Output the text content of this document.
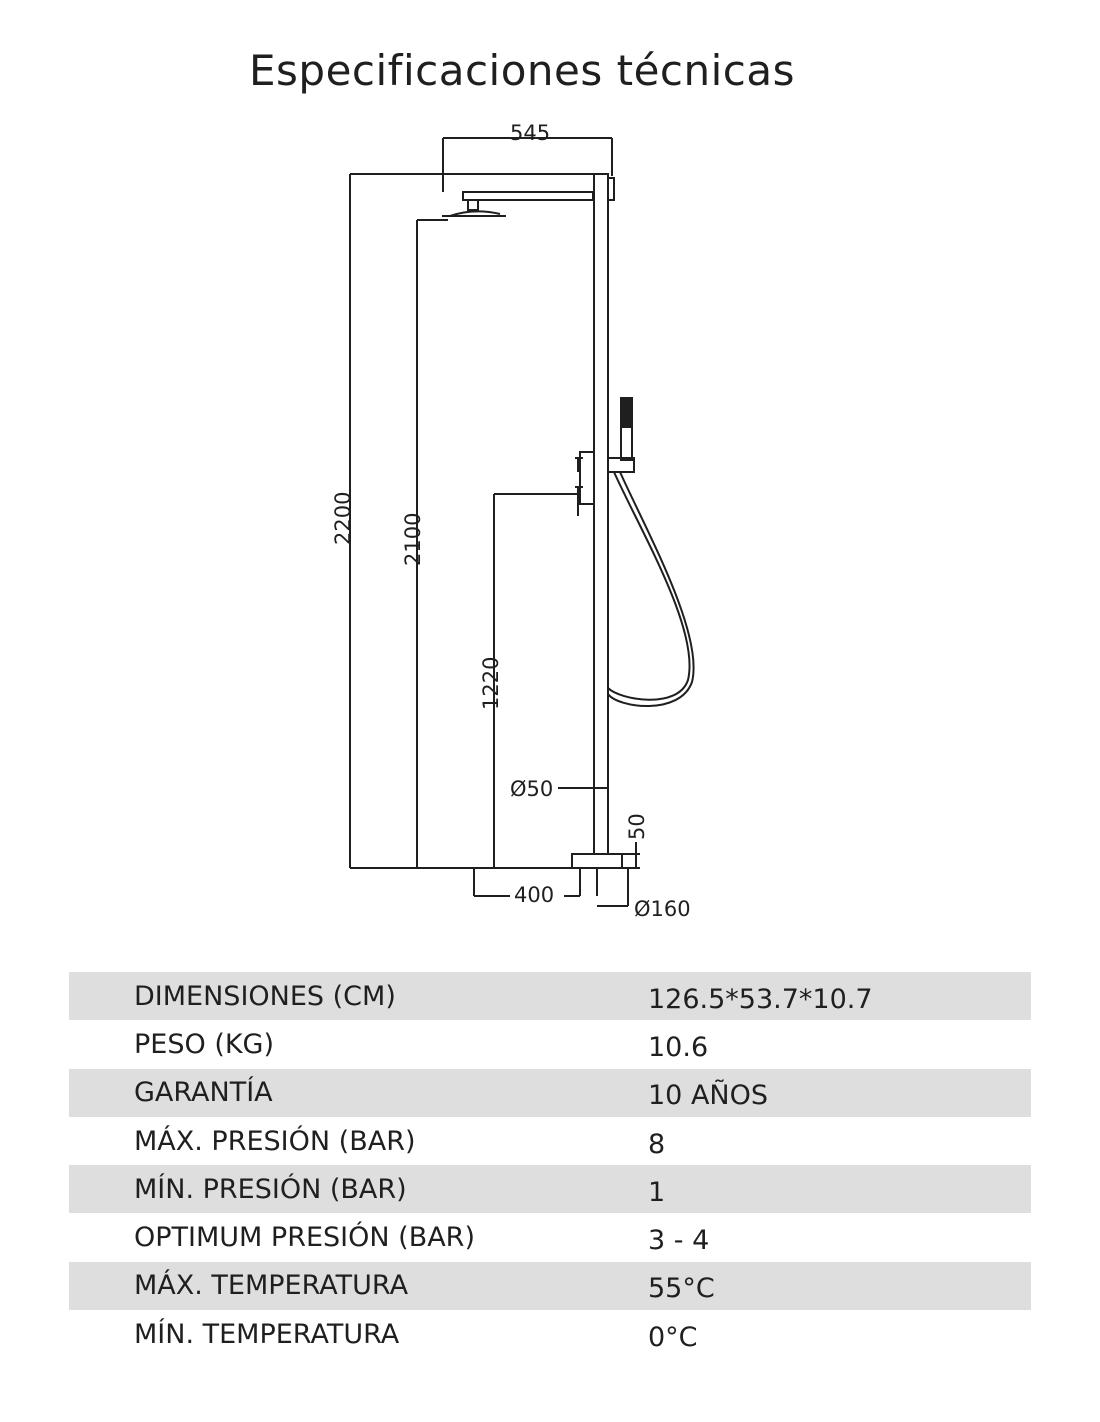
Especificaciones técnicas
545
2200 2100
1220
Ø50
50
400
Ø160
DIMENSIONES (CM)	126.5*53.7*10.7
PESO (KG)	10.6
GARANTÍA	10 AÑOS
MÁX. PRESIÓN (BAR)	8
MÍN. PRESIÓN (BAR)	1
OPTIMUM PRESIÓN (BAR)	3 - 4
MÁX. TEMPERATURA	55°C
MÍN. TEMPERATURA	0°C
